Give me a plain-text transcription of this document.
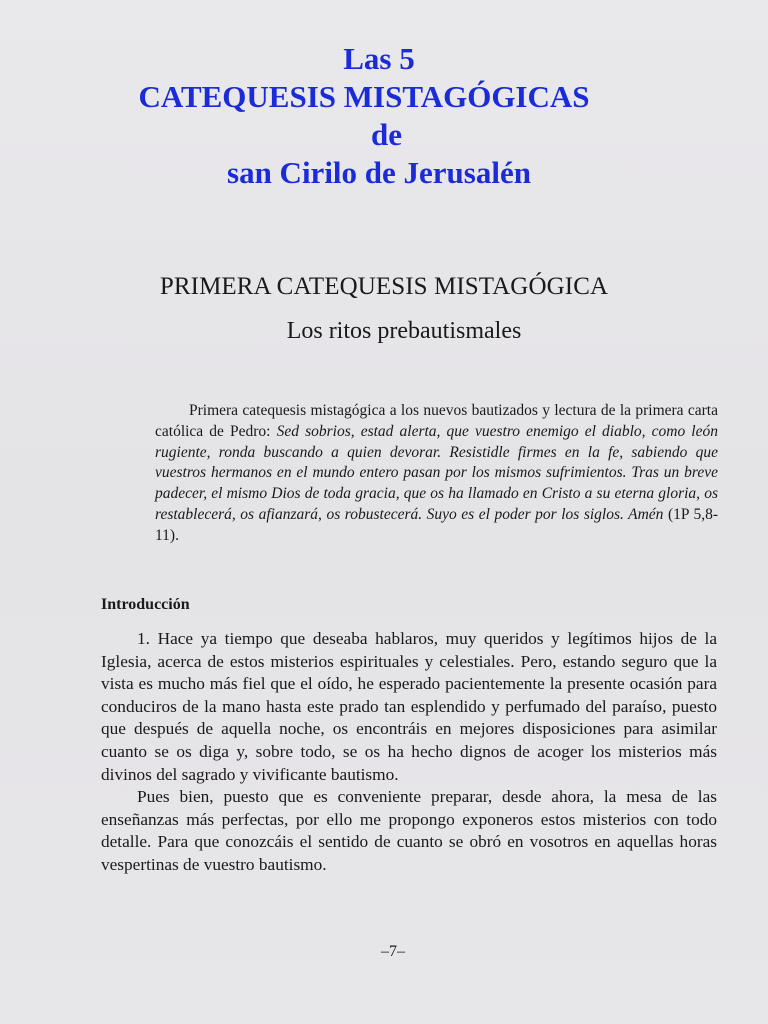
Las 5
CATEQUESIS MISTAGÓGICAS
de
san Cirilo de Jerusalén
PRIMERA CATEQUESIS MISTAGÓGICA
Los ritos prebautismales
Primera catequesis mistagógica a los nuevos bautizados y lectura de la primera carta católica de Pedro: Sed sobrios, estad alerta, que vuestro enemigo el diablo, como león rugiente, ronda buscando a quien devorar. Resistidle firmes en la fe, sabiendo que vuestros hermanos en el mundo entero pasan por los mismos sufrimientos. Tras un breve padecer, el mismo Dios de toda gracia, que os ha llamado en Cristo a su eterna gloria, os restablecerá, os afianzará, os robustecerá. Suyo es el poder por los siglos. Amén (1P 5,8-11).
Introducción

1. Hace ya tiempo que deseaba hablaros, muy queridos y legítimos hijos de la Iglesia, acerca de estos misterios espirituales y celestiales. Pero, estando seguro que la vista es mucho más fiel que el oído, he esperado pacientemente la presente ocasión para conduciros de la mano hasta este prado tan esplendido y perfumado del paraíso, puesto que después de aquella noche, os encontráis en mejores disposiciones para asimilar cuanto se os diga y, sobre todo, se os ha hecho dignos de acoger los misterios más divinos del sagrado y vivificante bautismo.

Pues bien, puesto que es conveniente preparar, desde ahora, la mesa de las enseñanzas más perfectas, por ello me propongo exponeros estos misterios con todo detalle. Para que conozcáis el sentido de cuanto se obró en vosotros en aquellas horas vespertinas de vuestro bautismo.

–7–
